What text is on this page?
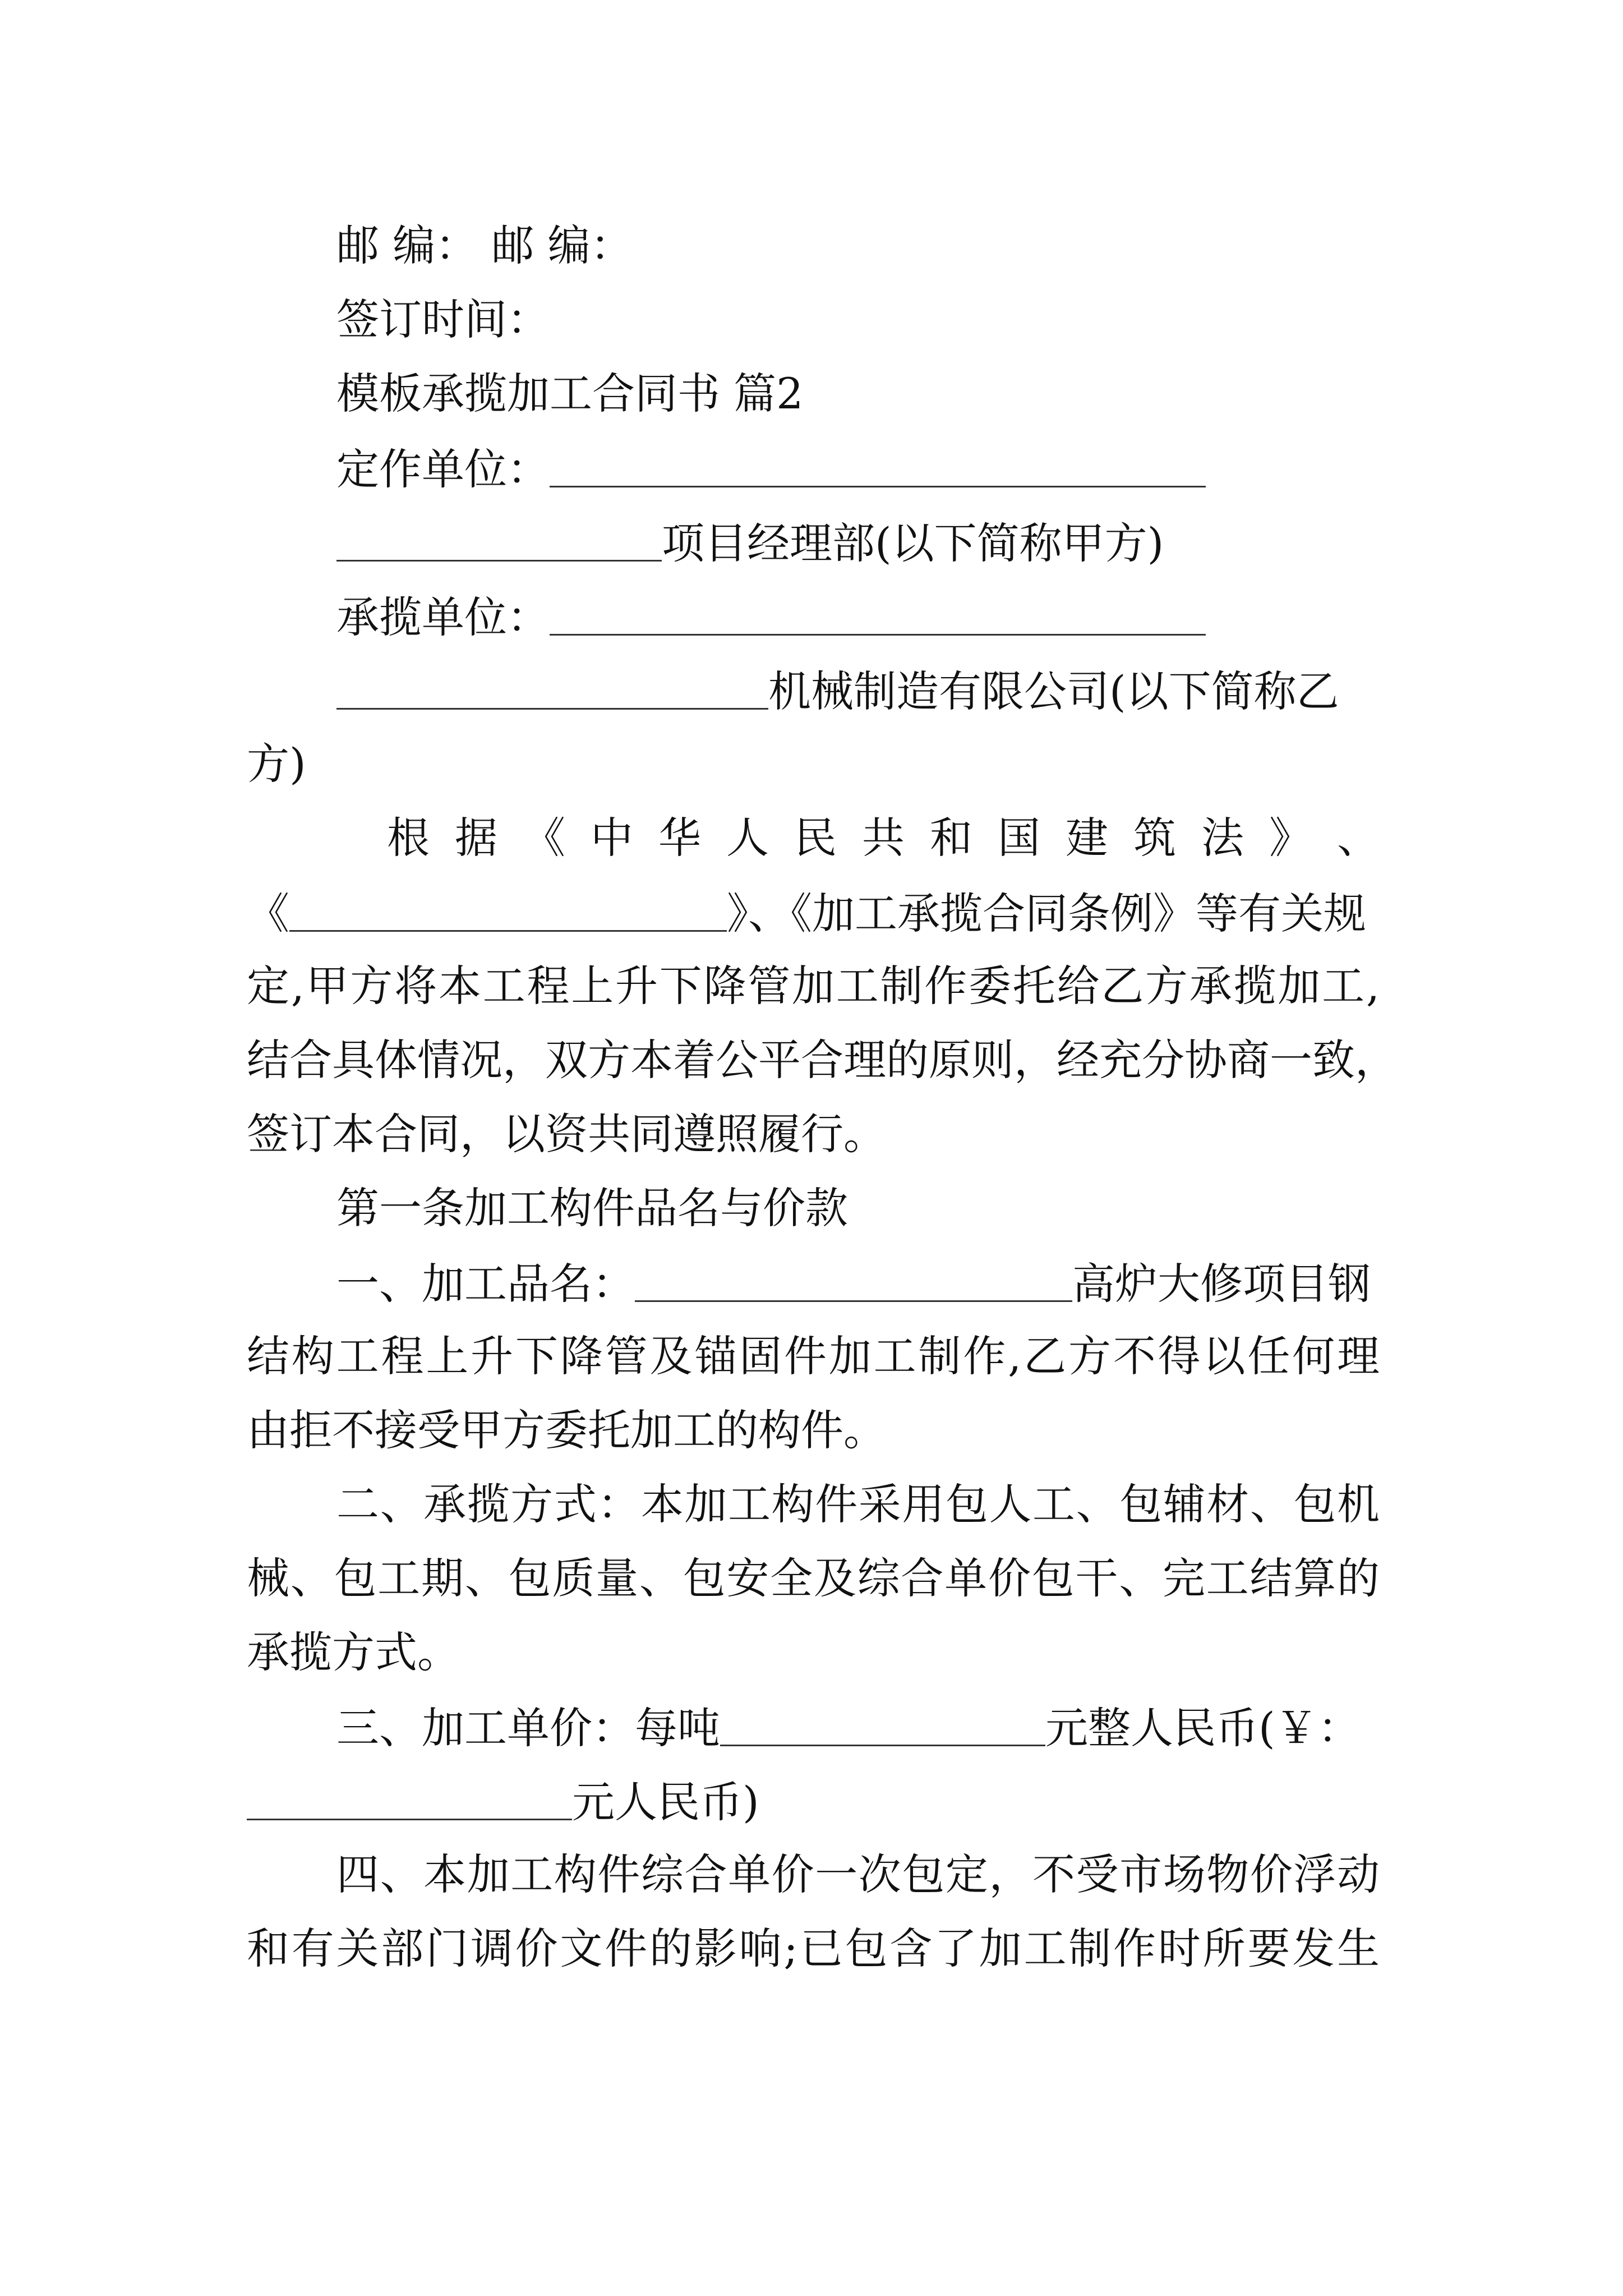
邮 编： 邮 编：
签订时间：
模板承揽加工合同书 篇2
定作单位：
项目经理部(以下简称甲方)
承揽单位：
机械制造有限公司(以下简称乙
方)
根 据 《 中 华 人 民 共 和 国 建 筑 法 》 、
《	》、《加工承揽合同条例》等有关规
定,甲方将本工程上升下降管加工制作委托给乙方承揽加工,
结合具体情况，双方本着公平合理的原则，经充分协商一致，
签订本合同，以资共同遵照履行。
第一条加工构件品名与价款
一、加工品名：	高炉大修项目钢
结构工程上升下降管及锚固件加工制作,乙方不得以任何理
由拒不接受甲方委托加工的构件。
二、承揽方式：本加工构件采用包人工、包辅材、包机
械、包工期、包质量、包安全及综合单价包干、完工结算的
承揽方式。
三、加工单价：每吨	元整人民币(￥：
元人民币)
四、本加工构件综合单价一次包定，不受市场物价浮动
和有关部门调价文件的影响;已包含了加工制作时所要发生
